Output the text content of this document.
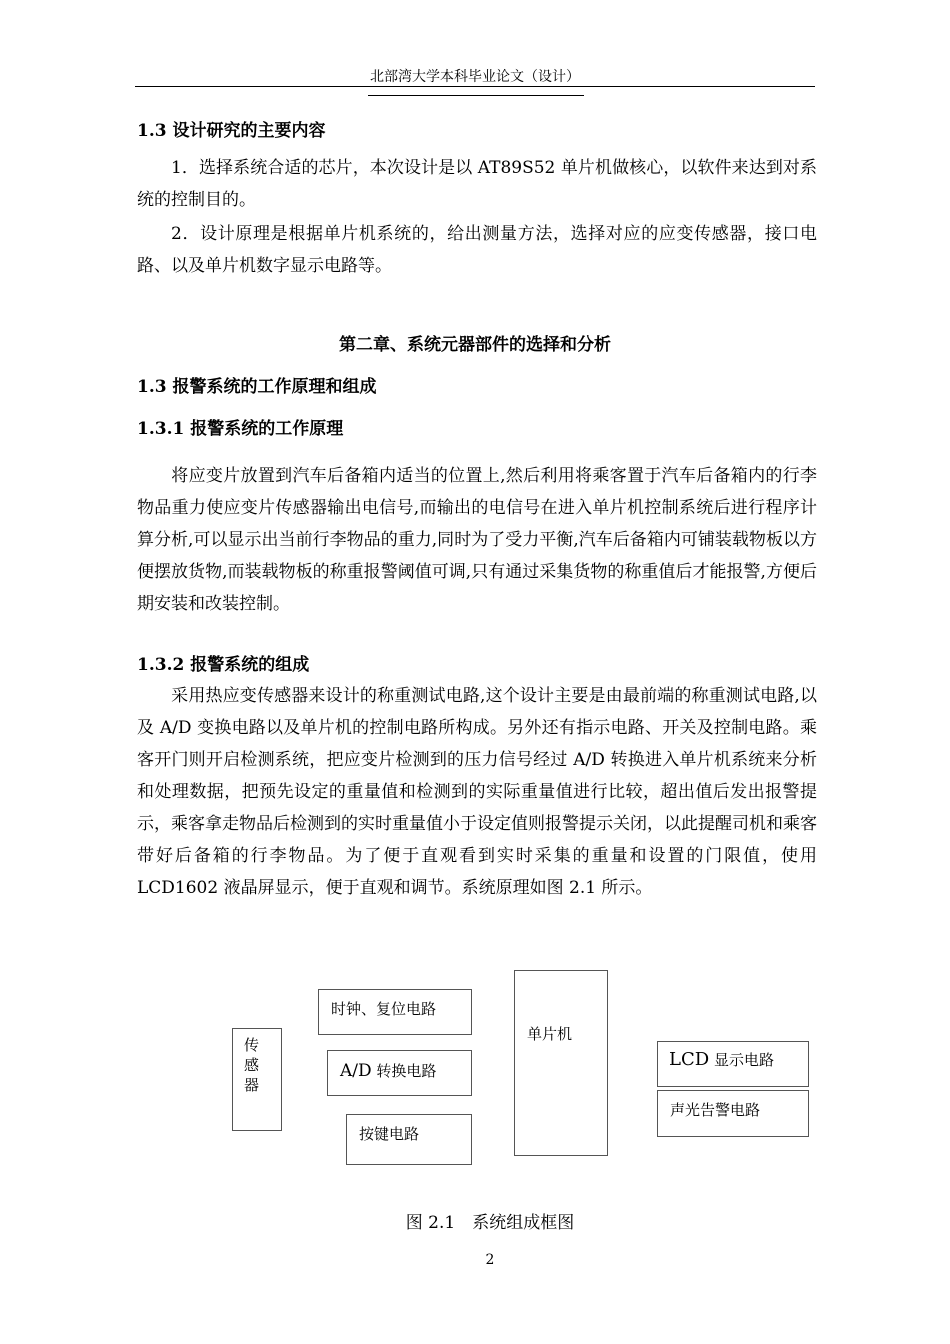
北部湾大学本科毕业论文（设计）
1.3 设计研究的主要内容

1．选择系统合适的芯片，本次设计是以 AT89S52 单片机做核心，以软件来达到对系统的控制目的。

2．设计原理是根据单片机系统的，给出测量方法，选择对应的应变传感器，接口电路、以及单片机数字显示电路等。

第二章、系统元器部件的选择和分析
1.3 报警系统的工作原理和组成
1.3.1 报警系统的工作原理

将应变片放置到汽车后备箱内适当的位置上,然后利用将乘客置于汽车后备箱内的行李物品重力使应变片传感器输出电信号,而输出的电信号在进入单片机控制系统后进行程序计算分析,可以显示出当前行李物品的重力,同时为了受力平衡,汽车后备箱内可铺装载物板以方便摆放货物,而装载物板的称重报警阈值可调,只有通过采集货物的称重值后才能报警,方便后期安装和改装控制。

1.3.2 报警系统的组成

采用热应变传感器来设计的称重测试电路,这个设计主要是由最前端的称重测试电路,以及 A/D 变换电路以及单片机的控制电路所构成。另外还有指示电路、开关及控制电路。乘客开门则开启检测系统，把应变片检测到的压力信号经过 A/D 转换进入单片机系统来分析和处理数据，把预先设定的重量值和检测到的实际重量值进行比较，超出值后发出报警提示，乘客拿走物品后检测到的实时重量值小于设定值则报警提示关闭，以此提醒司机和乘客带好后备箱的行李物品。为了便于直观看到实时采集的重量和设置的门限值，使用 LCD1602 液晶屏显示，便于直观和调节。系统原理如图 2.1 所示。

传感器
时钟、复位电路
A/D 转换电路
按键电路
单片机
LCD 显示电路
声光告警电路
图 2.1　系统组成框图
2
